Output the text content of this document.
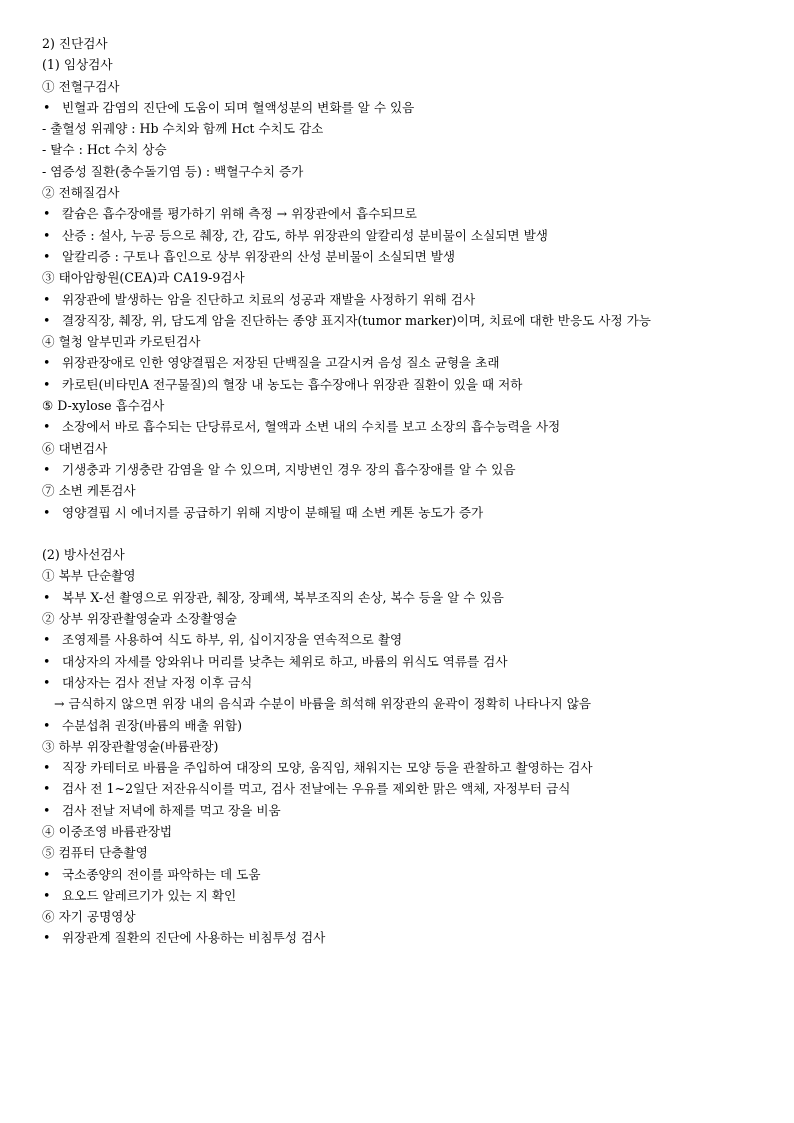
2) 진단검사
(1) 임상검사
① 전혈구검사
• 빈혈과 감염의 진단에 도움이 되며 혈액성분의 변화를 알 수 있음
- 출혈성 위궤양 : Hb 수치와 함께 Hct 수치도 감소
- 탈수 : Hct 수치 상승
- 염증성 질환(충수돌기염 등) : 백혈구수치 증가
② 전해질검사
• 칼슘은 흡수장애를 평가하기 위해 측정 → 위장관에서 흡수되므로
• 산증 : 설사, 누공 등으로 췌장, 간, 감도, 하부 위장관의 알칼리성 분비물이 소실되면 발생
• 알칼리증 : 구토나 흡인으로 상부 위장관의 산성 분비물이 소실되면 발생
③ 태아암항원(CEA)과 CA19-9검사
• 위장관에 발생하는 암을 진단하고 치료의 성공과 재발을 사정하기 위해 검사
• 결장직장, 췌장, 위, 담도계 암을 진단하는 종양 표지자(tumor marker)이며, 치료에 대한 반응도 사정 가능
④ 혈청 알부민과 카로틴검사
• 위장관장애로 인한 영양결핍은 저장된 단백질을 고갈시켜 음성 질소 균형을 초래
• 카로틴(비타민A 전구물질)의 혈장 내 농도는 흡수장애나 위장관 질환이 있을 때 저하
⑤ D-xylose 흡수검사
• 소장에서 바로 흡수되는 단당류로서, 혈액과 소변 내의 수치를 보고 소장의 흡수능력을 사정
⑥ 대변검사
• 기생충과 기생충란 감염을 알 수 있으며, 지방변인 경우 장의 흡수장애를 알 수 있음
⑦ 소변 케톤검사
• 영양결핍 시 에너지를 공급하기 위해 지방이 분해될 때 소변 케톤 농도가 증가
(2) 방사선검사
① 복부 단순촬영
• 복부 X-선 촬영으로 위장관, 췌장, 장폐색, 복부조직의 손상, 복수 등을 알 수 있음
② 상부 위장관촬영술과 소장촬영술
• 조영제를 사용하여 식도 하부, 위, 십이지장을 연속적으로 촬영
• 대상자의 자세를 앙와위나 머리를 낮추는 체위로 하고, 바륨의 위식도 역류를 검사
• 대상자는 검사 전날 자정 이후 금식
→ 금식하지 않으면 위장 내의 음식과 수분이 바륨을 희석해 위장관의 윤곽이 정확히 나타나지 않음
• 수분섭취 권장(바륨의 배출 위함)
③ 하부 위장관촬영술(바륨관장)
• 직장 카테터로 바륨을 주입하여 대장의 모양, 움직임, 채워지는 모양 등을 관찰하고 촬영하는 검사
• 검사 전 1~2일단 저잔유식이를 먹고, 검사 전날에는 우유를 제외한 맑은 액체, 자정부터 금식
• 검사 전날 저녁에 하제를 먹고 장을 비움
④ 이중조영 바륨관장법
⑤ 컴퓨터 단층촬영
• 국소종양의 전이를 파악하는 데 도움
• 요오드 알레르기가 있는 지 확인
⑥ 자기 공명영상
• 위장관계 질환의 진단에 사용하는 비침투성 검사
